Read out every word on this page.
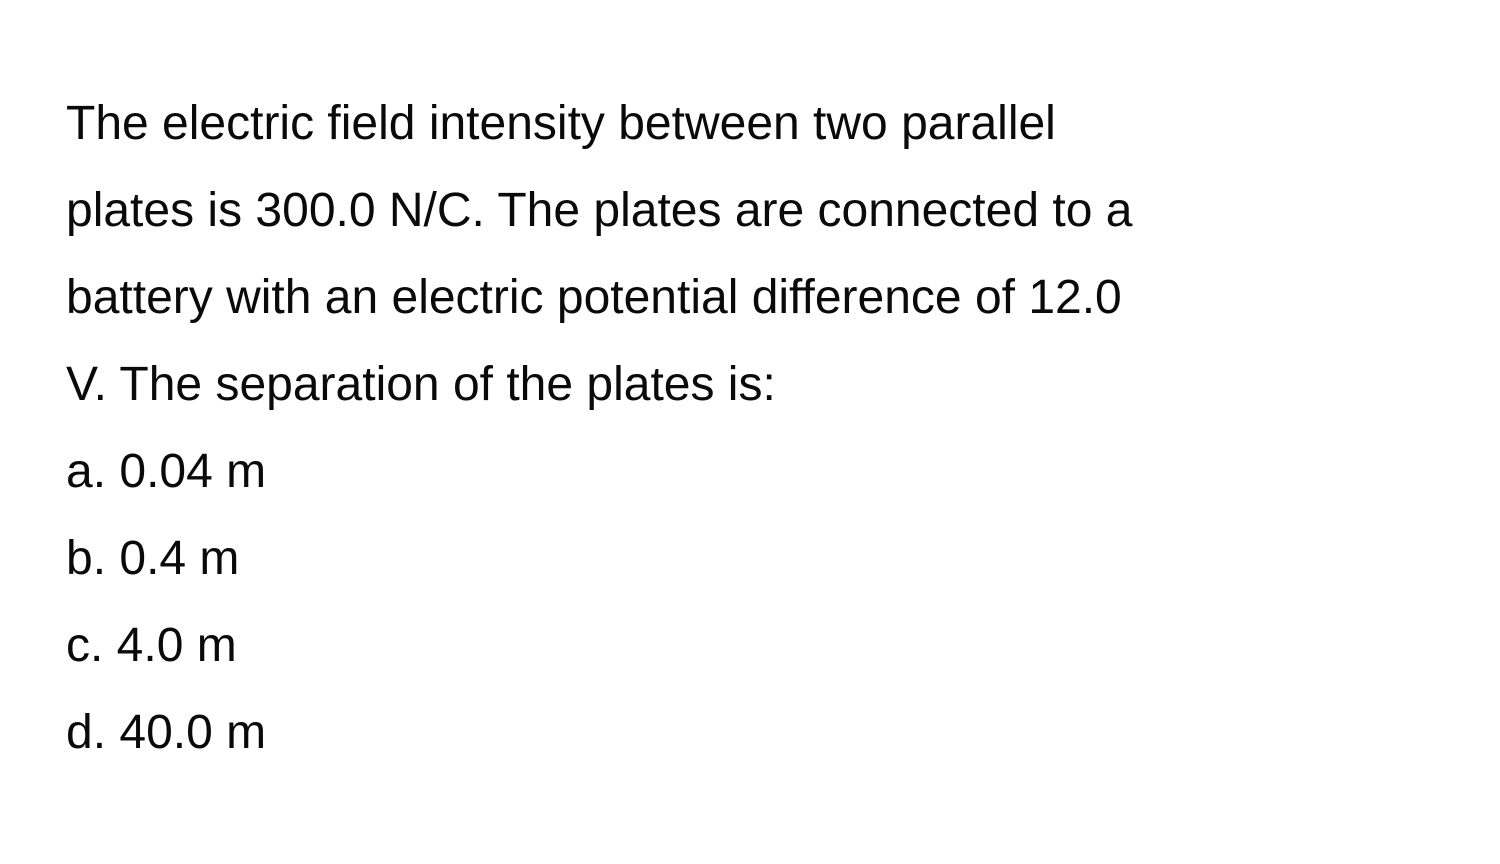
The electric field intensity between two parallel
plates is 300.0 N/C. The plates are connected to a
battery with an electric potential difference of 12.0
V. The separation of the plates is:
a. 0.04 m
b. 0.4 m
c. 4.0 m
d. 40.0 m
